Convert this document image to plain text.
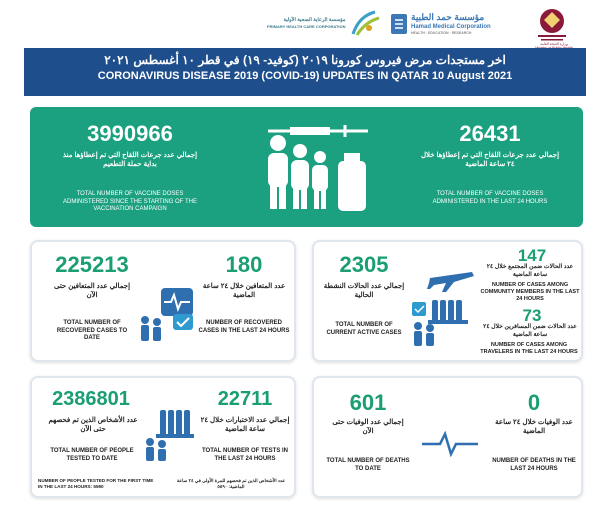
مؤسسة الرعاية الصحية الأولية
PRIMARY HEALTH CARE CORPORATION
مؤسسة حمد الطبية
Hamad Medical Corporation
HEALTH · EDUCATION · RESEARCH
وزارة الصحة العامة
اخر مستجدات مرض فيروس كورونا ٢٠١٩ (كوفيد- ١٩) في قطر ١٠ أغسطس ٢٠٢١
CORONAVIRUS DISEASE 2019 (COVID-19) UPDATES IN QATAR 10 August 2021
3990966
إجمالي عدد جرعات اللقاح التي تم إعطاؤها منذ بداية حملة التطعيم
TOTAL NUMBER OF VACCINE DOSES ADMINISTERED SINCE THE STARTING OF THE VACCINATION CAMPAIGN
26431
إجمالي عدد جرعات اللقاح التي تم إعطاؤها خلال ٢٤ ساعة الماضية
TOTAL NUMBER OF VACCINE DOSES ADMINISTERED IN THE LAST 24 HOURS
225213
إجمالي عدد المتعافين حتى الآن
TOTAL NUMBER OF RECOVERED CASES TO DATE
180
عدد المتعافين خلال ٢٤ ساعة الماضية
NUMBER OF RECOVERED CASES IN THE LAST 24 HOURS
2305
إجمالي عدد الحالات النشطة الحالية
TOTAL NUMBER OF CURRENT ACTIVE CASES
147
عدد الحالات ضمن المجتمع خلال ٢٤ ساعة الماضية
NUMBER OF CASES AMONG COMMUNITY MEMBERS IN THE LAST 24 HOURS
73
عدد الحالات ضمن المسافرين خلال ٢٤ ساعة الماضية
NUMBER OF CASES AMONG TRAVELERS IN THE LAST 24 HOURS
2386801
عدد الأشخاص الذين تم فحصهم حتى الآن
TOTAL NUMBER OF PEOPLE TESTED TO DATE
22711
إجمالي عدد الاختبارات خلال ٢٤ ساعة الماضية
TOTAL NUMBER OF TESTS IN THE LAST 24 HOURS
NUMBER OF PEOPLE TESTED FOR THE FIRST TIME IN THE LAST 24 HOURS: 5590
عدد الأشخاص الذين تم فحصهم للمرة الأولى في ٢٤ ساعة الماضية: ٥٥٩٠
601
إجمالي عدد الوفيات حتى الآن
TOTAL NUMBER OF DEATHS TO DATE
0
عدد الوفيات خلال ٢٤ ساعة الماضية
NUMBER OF DEATHS IN THE LAST 24 HOURS
